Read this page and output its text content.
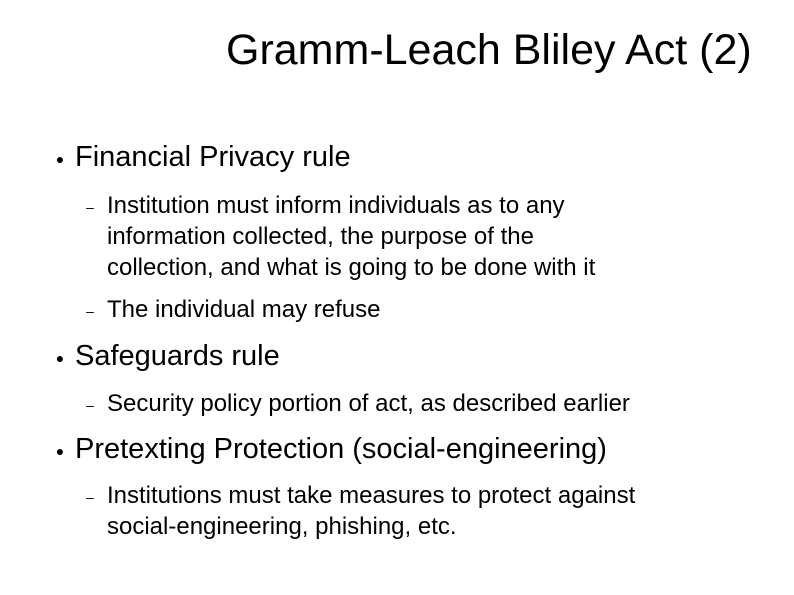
Gramm-Leach Bliley Act (2)
● Financial Privacy rule
– Institution must inform individuals as to any
information collected, the purpose of the
collection, and what is going to be done with it
– The individual may refuse
● Safeguards rule
– Security policy portion of act, as described earlier
● Pretexting Protection (social-engineering)
– Institutions must take measures to protect against
social-engineering, phishing, etc.
